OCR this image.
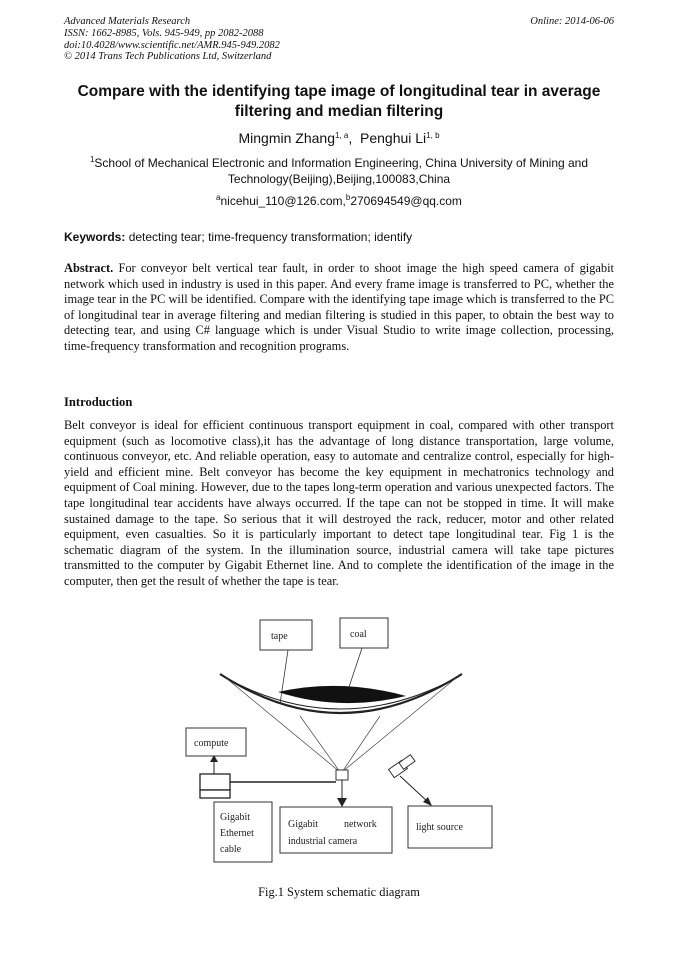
Advanced Materials Research
ISSN: 1662-8985, Vols. 945-949, pp 2082-2088
doi:10.4028/www.scientific.net/AMR.945-949.2082
© 2014 Trans Tech Publications Ltd, Switzerland
Online: 2014-06-06
Compare with the identifying tape image of longitudinal tear in average filtering and median filtering
Mingmin Zhang$^{1, a}$,  Penghui Li$^{1, b}$
$^1$School of Mechanical Electronic and Information Engineering, China University of Mining and Technology(Beijing),Beijing,100083,China
$^a$nicehui_110@126.com,$^b$270694549@qq.com
Keywords: detecting tear; time-frequency transformation; identify
Abstract. For conveyor belt vertical tear fault, in order to shoot image the high speed camera of gigabit network which used in industry is used in this paper. And every frame image is transferred to PC, whether the image tear in the PC will be identified. Compare with the identifying tape image which is transferred to the PC of longitudinal tear in average filtering and median filtering is studied in this paper, to obtain the best way to detecting tear, and using C# language which is under Visual Studio to write image collection, processing, time-frequency transformation and recognition programs.
Introduction
Belt conveyor is ideal for efficient continuous transport equipment in coal, compared with other transport equipment (such as locomotive class),it has the advantage of long distance transportation, large volume, continuous conveyor, etc. And reliable operation, easy to automate and centralize control, especially for high-yield and efficient mine. Belt conveyor has become the key equipment in mechatronics technology and equipment of Coal mining. However, due to the tapes long-term operation and various unexpected factors. The tape longitudinal tear accidents have always occurred. If the tape can not be stopped in time. It will make sustained damage to the tape. So serious that it will destroyed the rack, reducer, motor and other related equipment, even casualties. So it is particularly important to detect tape longitudinal tear. Fig 1 is the schematic diagram of the system. In the illumination source, industrial camera will take tape pictures transmitted to the computer by Gigabit Ethernet line. And to complete the identification of the image in the computer, then get the result of whether the tape is tear.
tape	coal
compute
Gigabit
Ethernet
cable
Gigabit	network
industrial camera
light source
Fig.1 System schematic diagram
